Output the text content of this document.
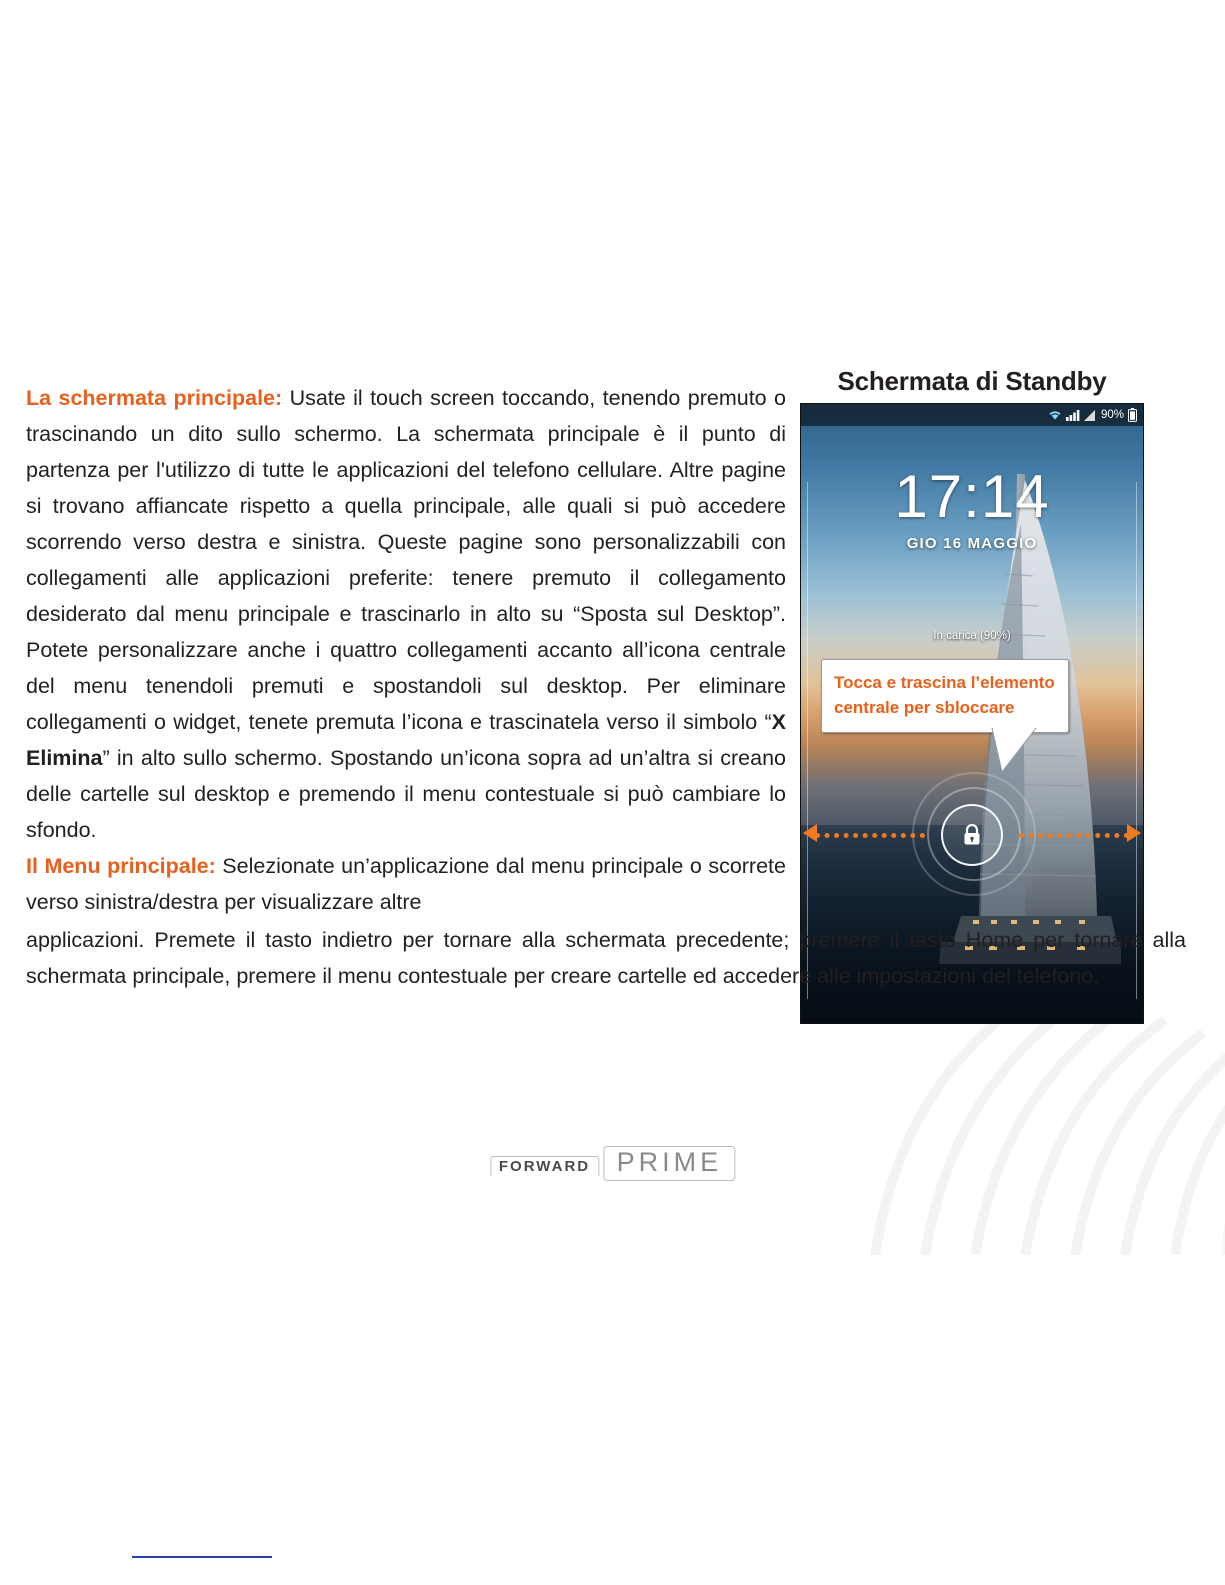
Schermata di Standby
90%
17:14
GIO 16 MAGGIO
In carica (90%)
Tocca e trascina l’elemento centrale per sbloccare

La schermata principale: Usate il touch screen toccando, tenendo premuto o trascinando un dito sullo schermo. La schermata principale è il punto di partenza per l'utilizzo di tutte le applicazioni del telefono cellulare. Altre pagine si trovano affiancate rispetto a quella principale, alle quali si può accedere scorrendo verso destra e sinistra. Queste pagine sono personalizzabili con collegamenti alle applicazioni preferite: tenere premuto il collegamento desiderato dal menu principale e trascinarlo in alto su “Sposta sul Desktop”. Potete personalizzare anche i quattro collegamenti accanto all’icona centrale del menu tenendoli premuti e spostandoli sul desktop. Per eliminare collegamenti o widget, tenete premuta l’icona e trascinatela verso il simbolo “X Elimina” in alto sullo schermo. Spostando un’icona sopra ad un’altra si creano delle cartelle sul desktop e premendo il menu contestuale si può cambiare lo sfondo.

Il Menu principale: Selezionate un’applicazione dal menu principale o scorrete verso sinistra/destra per visualizzare altre

applicazioni. Premete il tasto indietro per tornare alla schermata precedente; premere il tasto Home per tornare alla schermata principale, premere il menu contestuale per creare cartelle ed accedere alle impostazioni del telefono.
FORWARD PRIME
